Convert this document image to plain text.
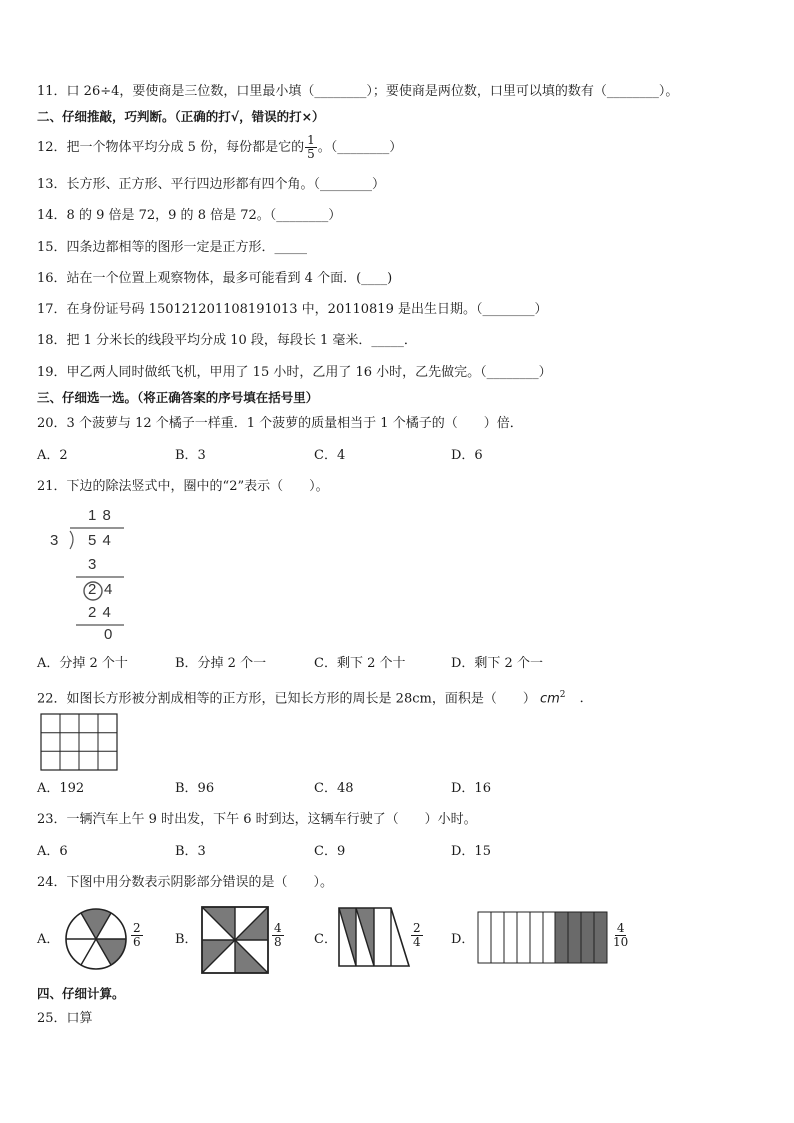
11．口 26÷4，要使商是三位数，口里最小填（________）；要使商是两位数，口里可以填的数有（________）。
二、仔细推敲，巧判断。（正确的打√，错误的打×）
12．把一个物体平均分成 5 份，每份都是它的 $\frac{1}{5}$ 。（________）
13．长方形、正方形、平行四边形都有四个角。（________）
14．8 的 9 倍是 72，9 的 8 倍是 72。（________）
15．四条边都相等的图形一定是正方形．_____
16．站在一个位置上观察物体，最多可能看到 4 个面．(____)
17．在身份证号码 150121201108191013 中，20110819 是出生日期。（________）
18．把 1 分米长的线段平均分成 10 段，每段长 1 毫米．_____．
19．甲乙两人同时做纸飞机，甲用了 15 小时，乙用了 16 小时，乙先做完。（________）
三、仔细选一选。（将正确答案的序号填在括号里）
20．3 个菠萝与 12 个橘子一样重．1 个菠萝的质量相当于 1 个橘子的（　　）倍．
A．2	B．3	C．4	D．6
21．下边的除法竖式中，圈中的“2”表示（　　）。
1 8
3 5 4
3
2 4
2 4
0
A．分掉 2 个十	B．分掉 2 个一	C．剩下 2 个十	D．剩下 2 个一
22．如图长方形被分割成相等的正方形，已知长方形的周长是 28cm，面积是（　　） $cm^2$ ．
A．192	B．96	C．48	D．16
23．一辆汽车上午 9 时出发，下午 6 时到达，这辆车行驶了（　　）小时。
A．6	B．3	C．9	D．15
24．下图中用分数表示阴影部分错误的是（　　）。
A．	$\frac{2}{6}$ B．	$\frac{4}{8}$ C．	$\frac{2}{4}$ D．	$\frac{4}{10}$
四、仔细计算。
25．口算
